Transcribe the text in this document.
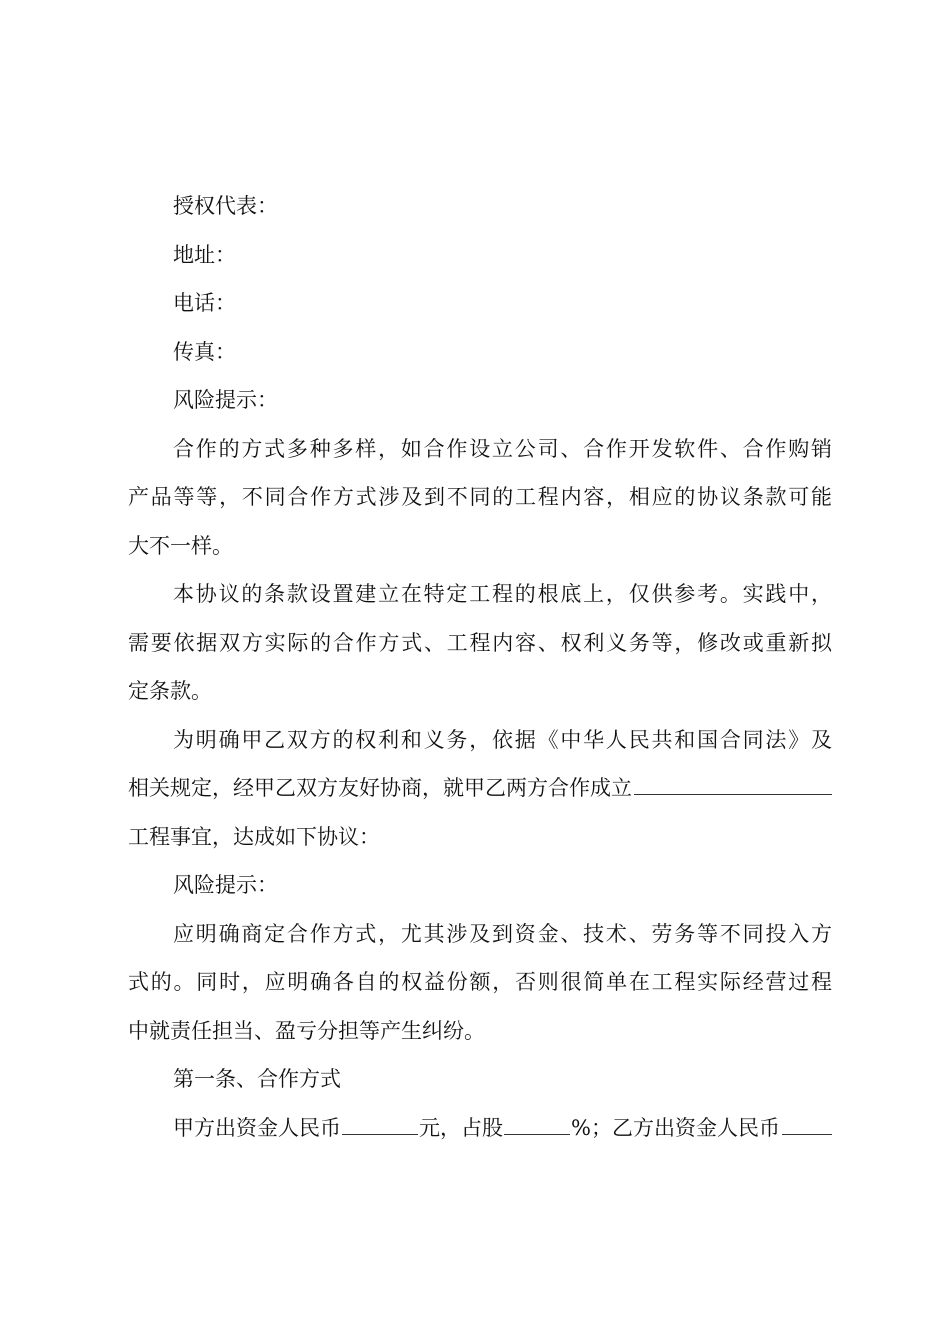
授权代表：
地址：
电话：
传真：
风险提示：
合作的方式多种多样，如合作设立公司、合作开发软件、合作购销
产品等等，不同合作方式涉及到不同的工程内容，相应的协议条款可能
大不一样。
本协议的条款设置建立在特定工程的根底上，仅供参考。实践中，
需要依据双方实际的合作方式、工程内容、权利义务等，修改或重新拟
定条款。
为明确甲乙双方的权利和义务，依据《中华人民共和国合同法》及
相关规定，经甲乙双方友好协商，就甲乙两方合作成立
工程事宜，达成如下协议：
风险提示：
应明确商定合作方式，尤其涉及到资金、技术、劳务等不同投入方
式的。同时，应明确各自的权益份额，否则很简单在工程实际经营过程
中就责任担当、盈亏分担等产生纠纷。
第一条、合作方式
甲方出资金人民币	元，占股	%；乙方出资金人民币
